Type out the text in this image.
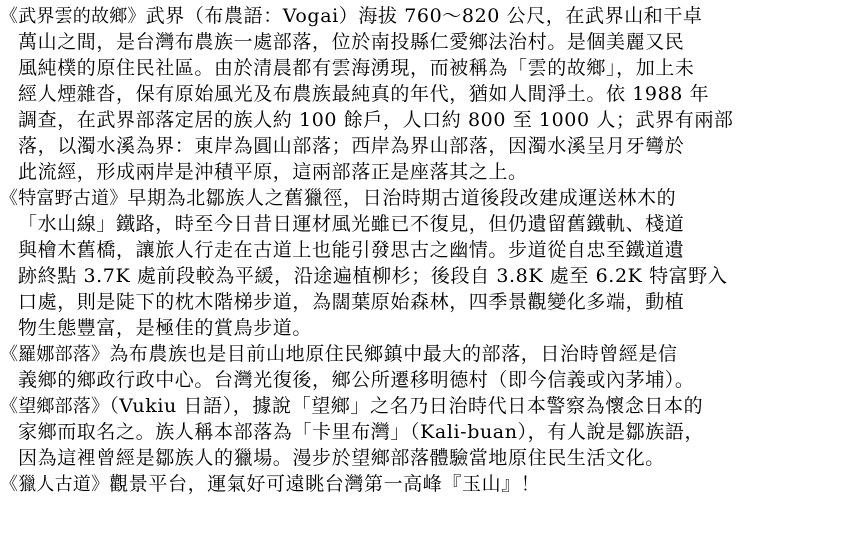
《武界雲的故鄉》武界（布農語：Vogai）海拔 760～820 公尺，在武界山和干卓
萬山之間，是台灣布農族一處部落，位於南投縣仁愛鄉法治村。是個美麗又民
風純樸的原住民社區。由於清晨都有雲海湧現，而被稱為「雲的故鄉」，加上未
經人煙雜沓，保有原始風光及布農族最純真的年代，猶如人間淨土。依 1988 年
調查，在武界部落定居的族人約 100 餘戶，人口約 800 至 1000 人；武界有兩部
落，以濁水溪為界：東岸為圓山部落；西岸為界山部落，因濁水溪呈月牙彎於
此流經，形成兩岸是沖積平原，這兩部落正是座落其之上。
《特富野古道》早期為北鄒族人之舊獵徑，日治時期古道後段改建成運送林木的
「水山線」鐵路，時至今日昔日運材風光雖已不復見，但仍遺留舊鐵軌、棧道
與檜木舊橋，讓旅人行走在古道上也能引發思古之幽情。步道從自忠至鐵道遺
跡終點 3.7K 處前段較為平緩，沿途遍植柳杉；後段自 3.8K 處至 6.2K 特富野入
口處，則是陡下的枕木階梯步道，為闊葉原始森林，四季景觀變化多端，動植
物生態豐富，是極佳的賞鳥步道。
《羅娜部落》為布農族也是目前山地原住民鄉鎮中最大的部落，日治時曾經是信
義鄉的鄉政行政中心。台灣光復後，鄉公所遷移明德村（即今信義或內茅埔）。
《望鄉部落》（Vukiu 日語），據說「望鄉」之名乃日治時代日本警察為懷念日本的
家鄉而取名之。族人稱本部落為「卡里布灣」（Kali-buan），有人說是鄒族語，
因為這裡曾經是鄒族人的獵場。漫步於望鄉部落體驗當地原住民生活文化。
《獵人古道》觀景平台，運氣好可遠眺台灣第一高峰『玉山』！
